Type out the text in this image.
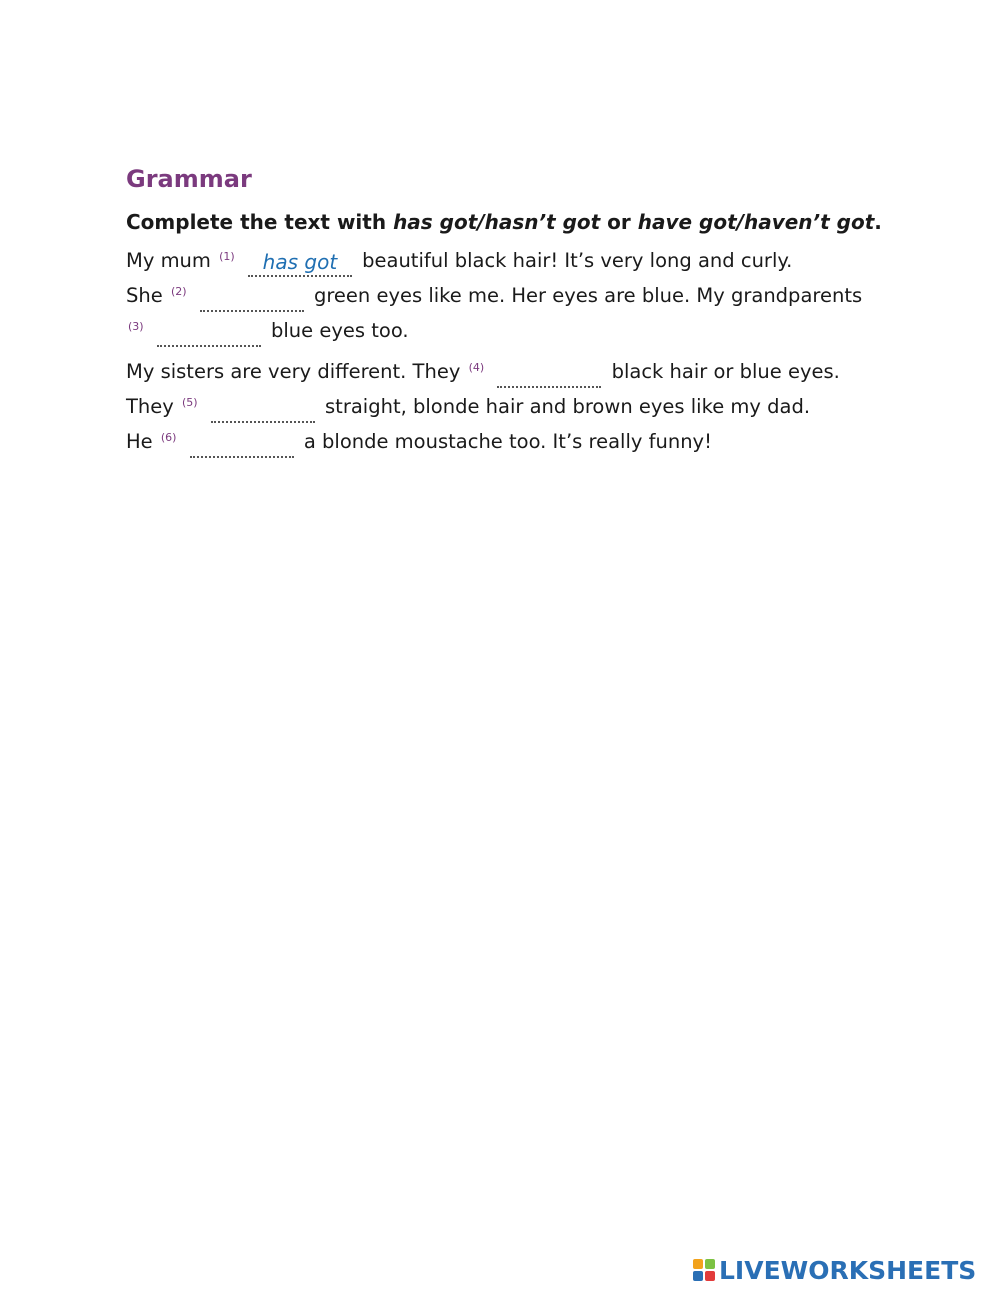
Grammar

Complete the text with has got/hasn’t got or have got/haven’t got.

My mum $^{(1)}$ has got	beautiful black hair! It’s very long and curly.
She $^{(2)}$	green eyes like me. Her eyes are blue. My grandparents
$^{(3)}$	blue eyes too.

My sisters are very different. They $^{(4)}$	black hair or blue eyes.
They $^{(5)}$	straight, blonde hair and brown eyes like my dad.
He $^{(6)}$	a blonde moustache too. It’s really funny!

LIVEWORKSHEETS
